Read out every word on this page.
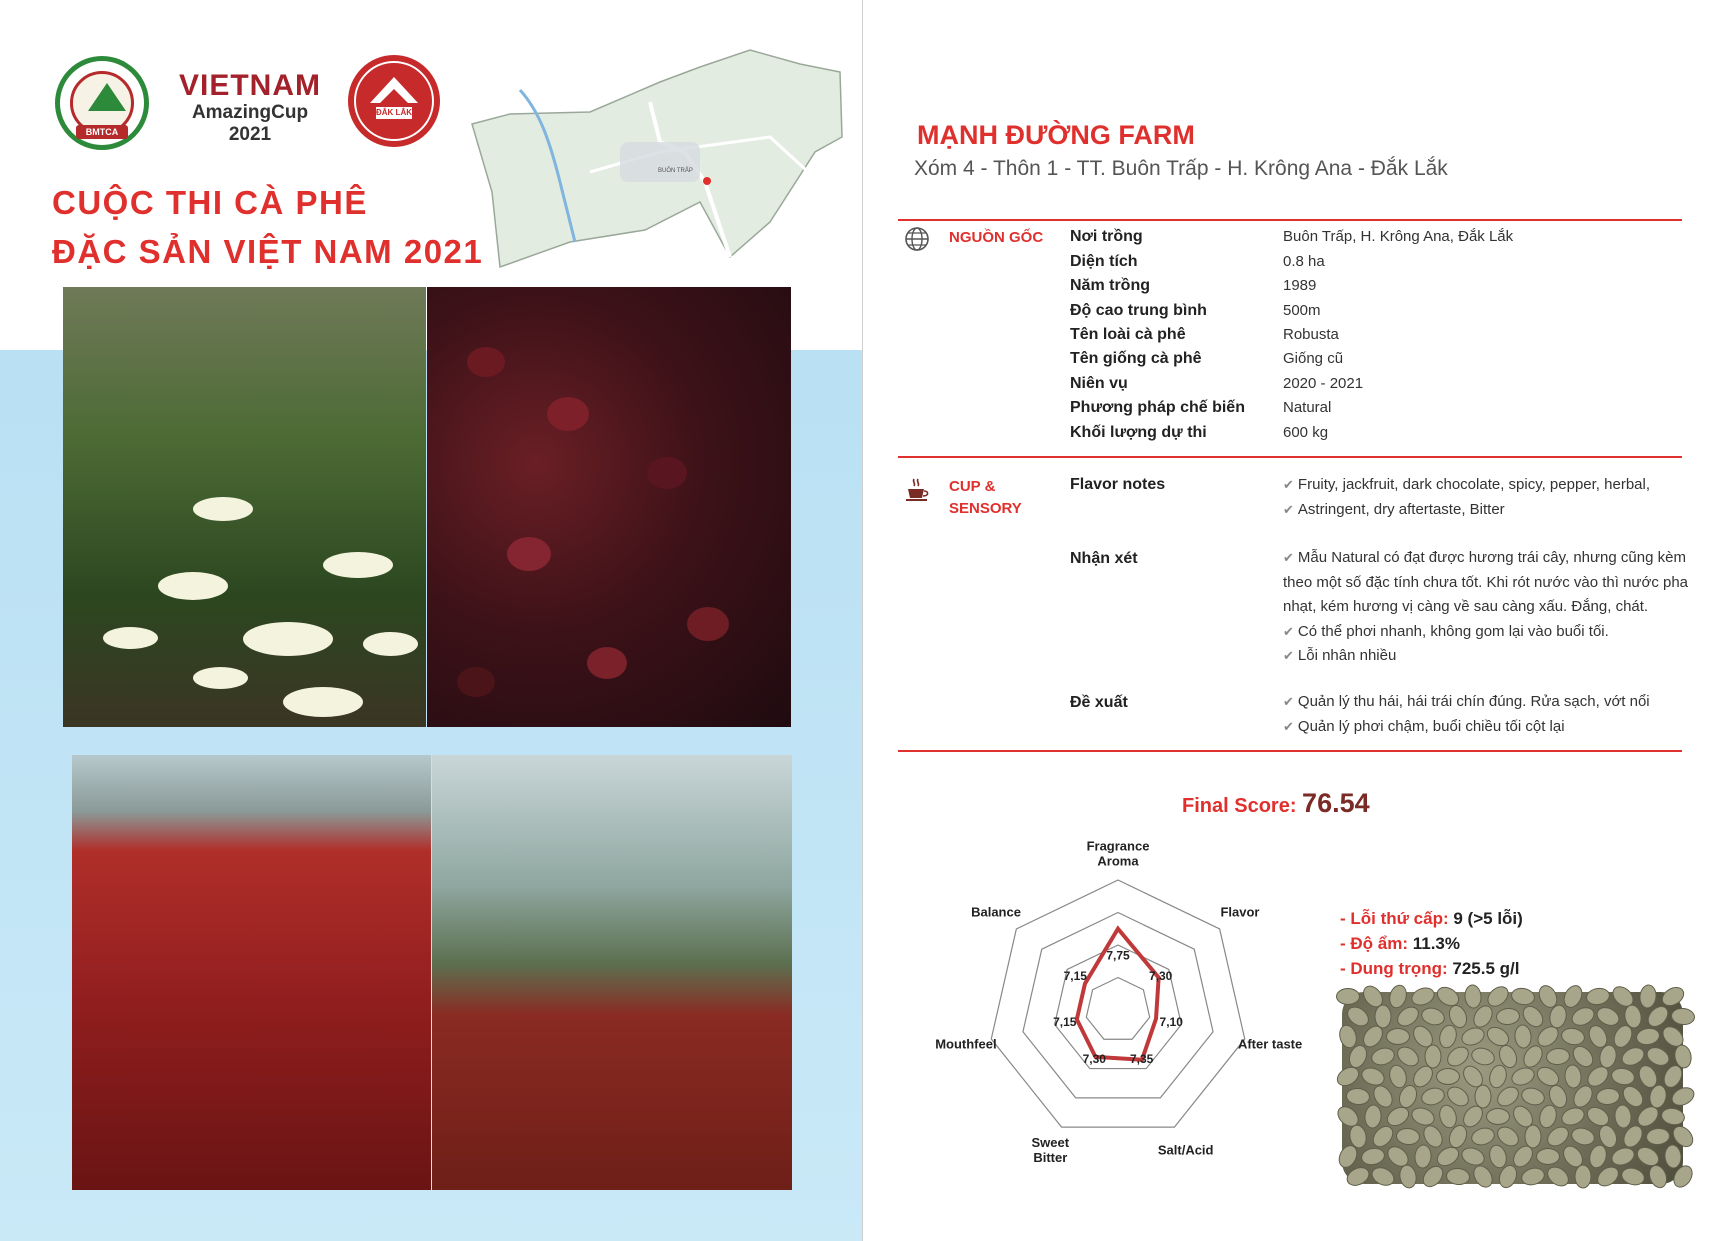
BMTCA
VIETNAM
AmazingCup 2021
ĐẮK LẮK
CUỘC THI CÀ PHÊ
ĐẶC SẢN VIỆT NAM 2021
BUÔN TRẤP
MẠNH ĐƯỜNG FARM
Xóm 4 - Thôn 1 - TT. Buôn Trấp - H. Krông Ana - Đắk Lắk
NGUỒN GỐC Nơi trồng	Buôn Trấp, H. Krông Ana, Đắk Lắk
Diện tích	0.8 ha
Năm trồng	1989
Độ cao trung bình	500m
Tên loài cà phê	Robusta
Tên giống cà phê	Giống cũ
Niên vụ	2020 - 2021
Phương pháp chế biến	Natural
Khối lượng dự thi	600 kg
CUP &
SENSORY
Flavor notes	✔ Fruity, jackfruit, dark chocolate, spicy, pepper, herbal,
✔ Astringent, dry aftertaste, Bitter
Nhận xét	✔ Mẫu Natural có đạt được hương trái cây, nhưng cũng kèm
theo một số đặc tính chưa tốt. Khi rót nước vào thì nước pha
nhạt, kém hương vị càng về sau càng xấu. Đắng, chát.
✔ Có thể phơi nhanh, không gom lại vào buổi tối.
✔ Lỗi nhân nhiều
Đề xuất	✔ Quản lý thu hái, hái trái chín đúng. Rửa sạch, vớt nổi
✔ Quản lý phơi chậm, buổi chiều tối cột lại
Final Score: 76.54
7,75
7,30
7,10
7,35
7,30
7,15
7,15
Fragrance Aroma
Flavor
After taste
Salt/Acid
Sweet Bitter
Mouthfeel
Balance	- Lỗi thứ cấp: 9 (>5 lỗi)
- Độ ẩm: 11.3%
- Dung trọng: 725.5 g/l
